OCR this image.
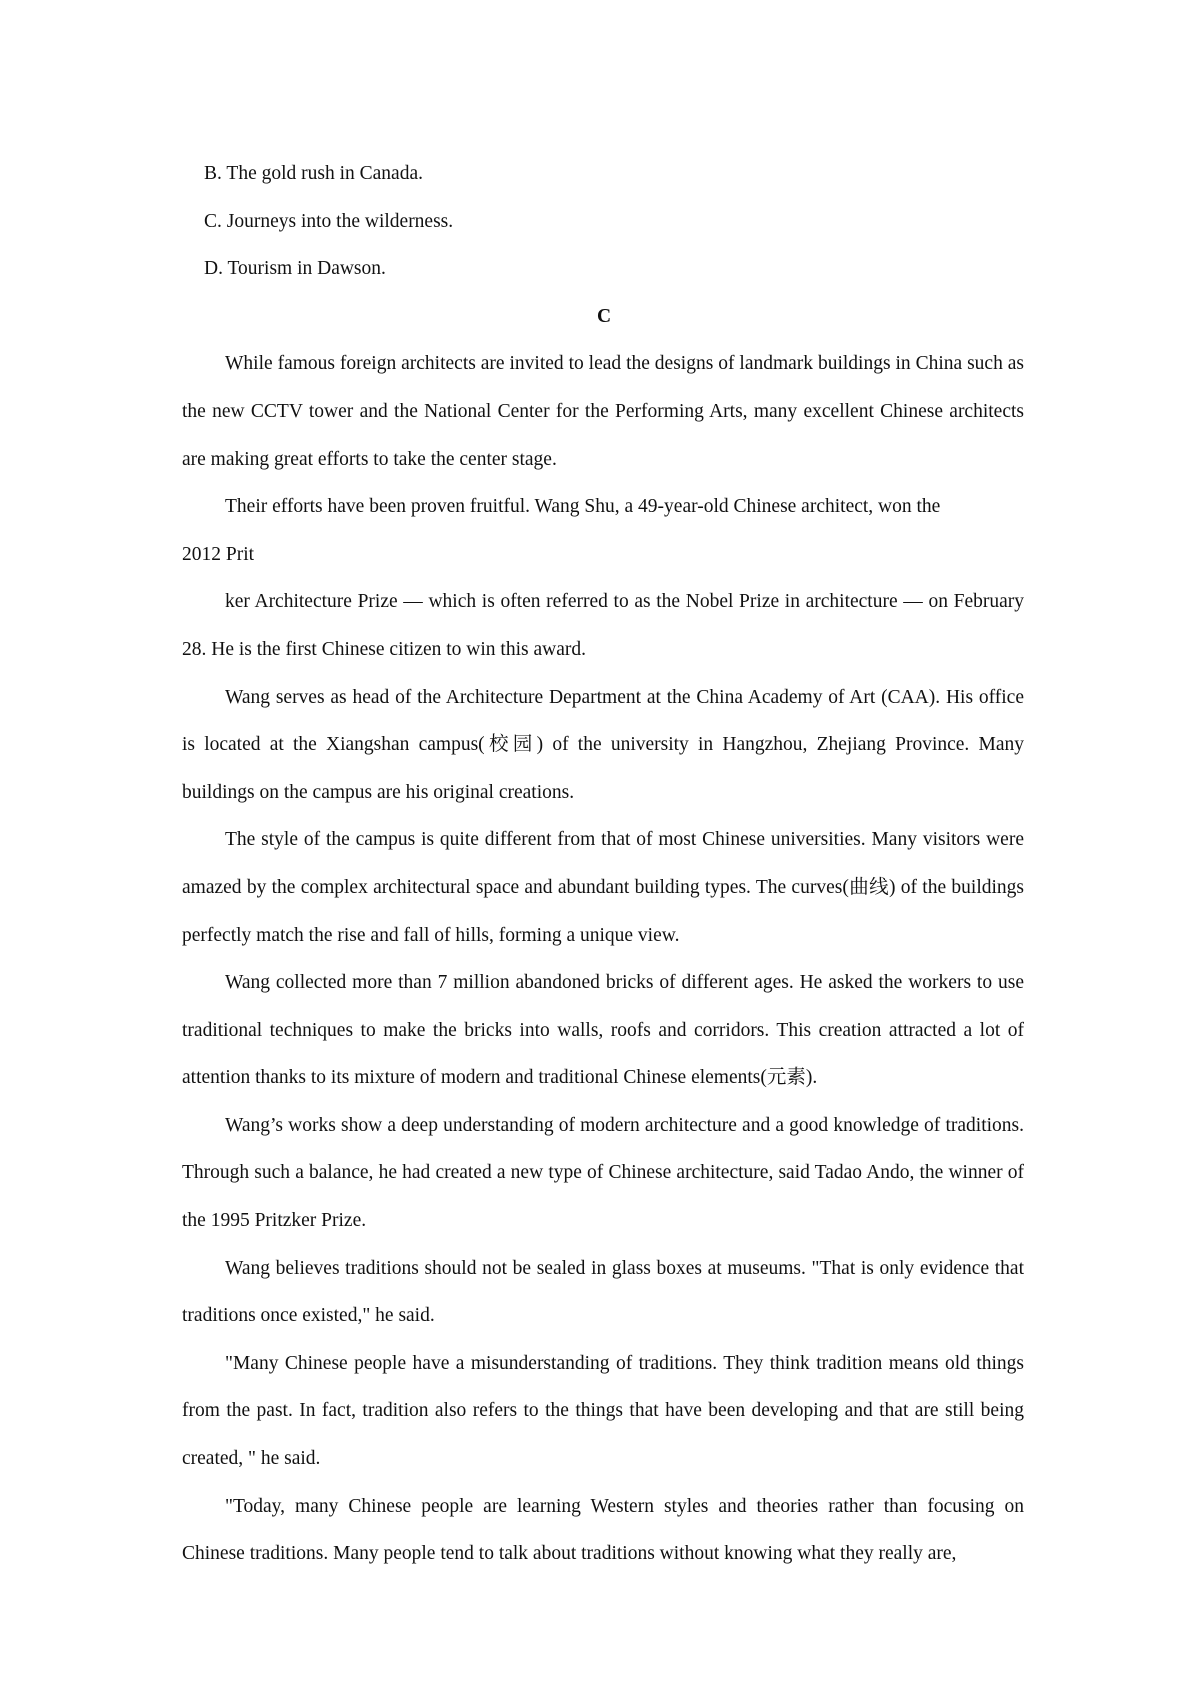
B. The gold rush in Canada.

C. Journeys into the wilderness.

D. Tourism in Dawson.

C

While famous foreign architects are invited to lead the designs of landmark buildings in China such as the new CCTV tower and the National Center for the Performing Arts, many excellent Chinese architects are making great efforts to take the center stage.

Their efforts have been proven fruitful. Wang Shu, a 49-year-old Chinese architect, won the

2012 Prit

ker Architecture Prize — which is often referred to as the Nobel Prize in architecture — on February 28. He is the first Chinese citizen to win this award.

Wang serves as head of the Architecture Department at the China Academy of Art (CAA). His office is located at the Xiangshan campus(校园) of the university in Hangzhou, Zhejiang Province. Many buildings on the campus are his original creations.

The style of the campus is quite different from that of most Chinese universities. Many visitors were amazed by the complex architectural space and abundant building types. The curves(曲线) of the buildings perfectly match the rise and fall of hills, forming a unique view.

Wang collected more than 7 million abandoned bricks of different ages. He asked the workers to use traditional techniques to make the bricks into walls, roofs and corridors. This creation attracted a lot of attention thanks to its mixture of modern and traditional Chinese elements(元素).

Wang’s works show a deep understanding of modern architecture and a good knowledge of traditions. Through such a balance, he had created a new type of Chinese architecture, said Tadao Ando, the winner of the 1995 Pritzker Prize.

Wang believes traditions should not be sealed in glass boxes at museums. "That is only evidence that traditions once existed," he said.

"Many Chinese people have a misunderstanding of traditions. They think tradition means old things from the past. In fact, tradition also refers to the things that have been developing and that are still being created, " he said.

"Today, many Chinese people are learning Western styles and theories rather than focusing on Chinese traditions. Many people tend to talk about traditions without knowing what they really are,
